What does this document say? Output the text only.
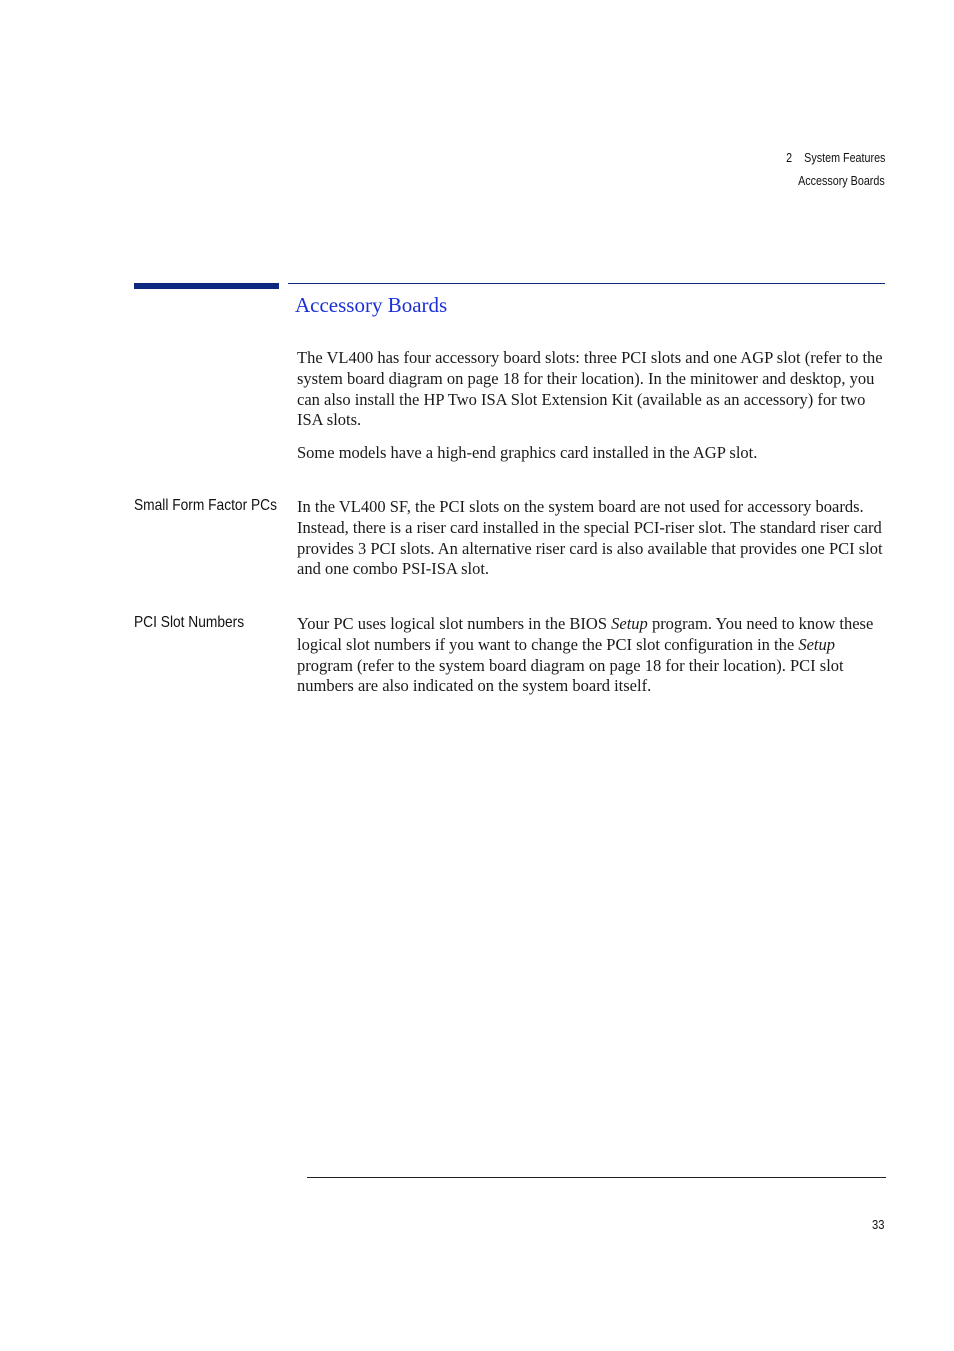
2 System Features
Accessory Boards
Accessory Boards

The VL400 has four accessory board slots: three PCI slots and one AGP slot (refer to the system board diagram on page 18 for their location). In the minitower and desktop, you can also install the HP Two ISA Slot Extension Kit (available as an accessory) for two ISA slots.

Some models have a high-end graphics card installed in the AGP slot.

Small Form Factor PCs In the VL400 SF, the PCI slots on the system board are not used for accessory boards. Instead, there is a riser card installed in the special PCI-riser slot. The standard riser card provides 3 PCI slots. An alternative riser card is also available that provides one PCI slot and one combo PSI-ISA slot.

PCI Slot Numbers	Your PC uses logical slot numbers in the BIOS Setup program. You need to know these logical slot numbers if you want to change the PCI slot configuration in the Setup program (refer to the system board diagram on page 18 for their location). PCI slot numbers are also indicated on the system board itself.

33
